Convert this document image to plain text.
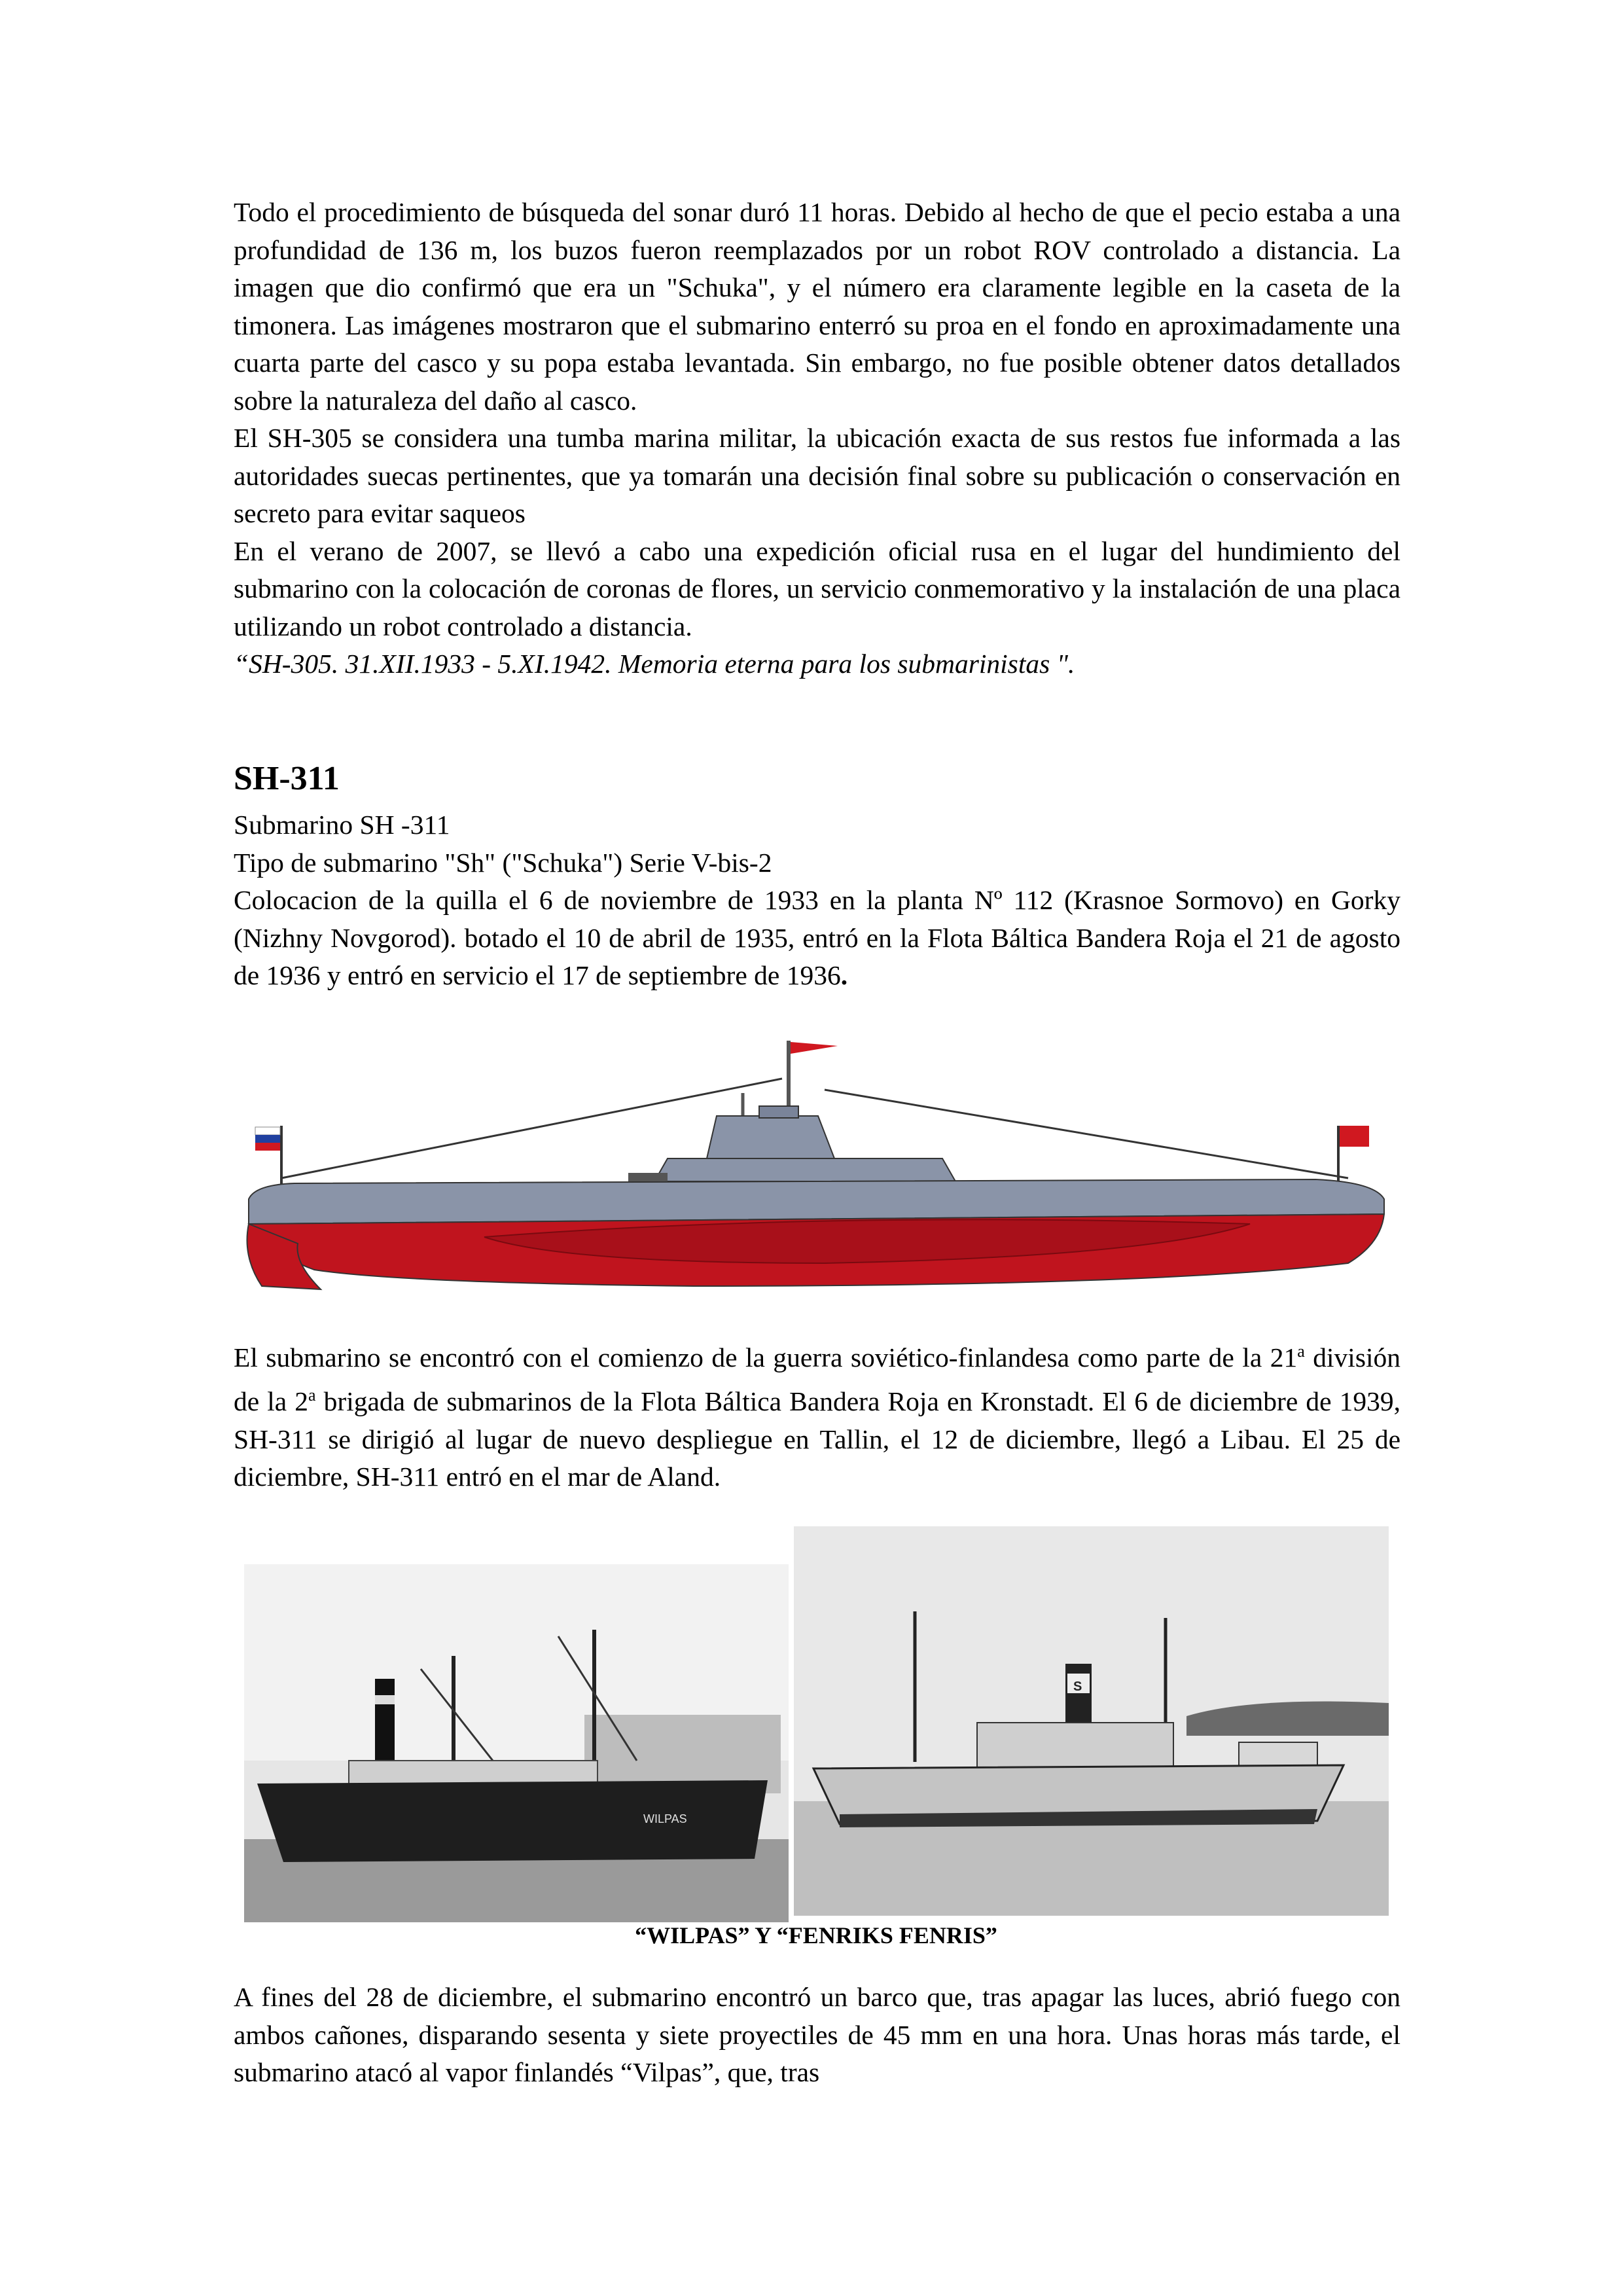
Todo el procedimiento de búsqueda del sonar duró 11 horas. Debido al hecho de que el pecio estaba a una profundidad de 136 m, los buzos fueron reemplazados por un robot ROV controlado a distancia. La imagen que dio confirmó que era un "Schuka", y el número era claramente legible en la caseta de la timonera. Las imágenes mostraron que el submarino enterró su proa en el fondo en aproximadamente una cuarta parte del casco y su popa estaba levantada. Sin embargo, no fue posible obtener datos detallados sobre la naturaleza del daño al casco.

El SH-305 se considera una tumba marina militar, la ubicación exacta de sus restos fue informada a las autoridades suecas pertinentes, que ya tomarán una decisión final sobre su publicación o conservación en secreto para evitar saqueos

En el verano de 2007, se llevó a cabo una expedición oficial rusa en el lugar del hundimiento del submarino con la colocación de coronas de flores, un servicio conmemorativo y la instalación de una placa utilizando un robot controlado a distancia.

“SH-305. 31.XII.1933 - 5.XI.1942. Memoria eterna para los submarinistas ".

SH-311

Submarino SH -311

Tipo de submarino "Sh" ("Schuka") Serie V-bis-2

Colocacion de la quilla el 6 de noviembre de 1933 en la planta Nº 112 (Krasnoe Sormovo) en Gorky (Nizhny Novgorod). botado el 10 de abril de 1935, entró en la Flota Báltica Bandera Roja el 21 de agosto de 1936 y entró en servicio el 17 de septiembre de 1936.

El submarino se encontró con el comienzo de la guerra soviético-finlandesa como parte de la 21$^a$ división de la 2$^a$ brigada de submarinos de la Flota Báltica Bandera Roja en Kronstadt. El 6 de diciembre de 1939, SH-311 se dirigió al lugar de nuevo despliegue en Tallin, el 12 de diciembre, llegó a Libau. El 25 de diciembre, SH-311 entró en el mar de Aland.

WILPAS
S
“WILPAS” Y “FENRIKS FENRIS”

A fines del 28 de diciembre, el submarino encontró un barco que, tras apagar las luces, abrió fuego con ambos cañones, disparando sesenta y siete proyectiles de 45 mm en una hora. Unas horas más tarde, el submarino atacó al vapor finlandés “Vilpas”, que, tras
